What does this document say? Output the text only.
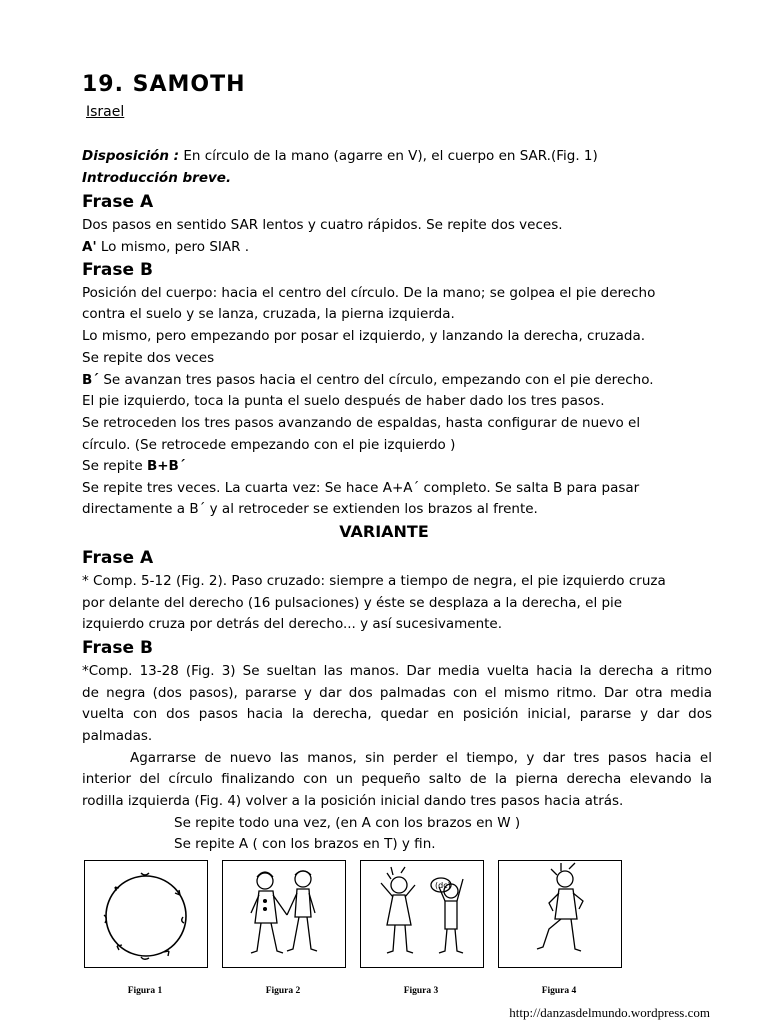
19. SAMOTH
Israel
Disposición : En círculo de la mano (agarre en V), el cuerpo en SAR.(Fig. 1)
Introducción breve.
Frase A
Dos pasos en sentido SAR lentos y cuatro rápidos. Se repite dos veces.
A' Lo mismo, pero SIAR .
Frase B
Posición del cuerpo: hacia el centro del círculo. De la mano; se golpea el pie derecho
contra el suelo y se lanza, cruzada, la pierna izquierda.
Lo mismo, pero empezando por posar el izquierdo, y lanzando la derecha, cruzada.
Se repite dos veces
B´ Se avanzan tres pasos hacia el centro del círculo, empezando con el pie derecho.
El pie izquierdo, toca la punta el suelo después de haber dado los tres pasos.
Se retroceden los tres pasos avanzando de espaldas, hasta configurar de nuevo el
círculo. (Se retrocede empezando con el pie izquierdo )
Se repite B+B´
Se repite tres veces. La cuarta vez: Se hace A+A´ completo. Se salta B para pasar
directamente a B´ y al retroceder se extienden los brazos al frente.
VARIANTE
Frase A
* Comp. 5-12 (Fig. 2). Paso cruzado: siempre a tiempo de negra, el pie izquierdo cruza
por delante del derecho (16 pulsaciones) y éste se desplaza a la derecha, el pie
izquierdo cruza por detrás del derecho... y así sucesivamente.
Frase B
*Comp. 13-28 (Fig. 3) Se sueltan las manos. Dar media vuelta hacia la derecha a ritmo
de negra (dos pasos), pararse y dar dos palmadas con el mismo ritmo. Dar otra media
vuelta con dos pasos hacia la derecha, quedar en posición inicial, pararse y dar dos
palmadas.
Agarrarse de nuevo las manos, sin perder el tiempo, y dar tres pasos hacia el
interior del círculo finalizando con un pequeño salto de la pierna derecha elevando la
rodilla izquierda (Fig. 4) volver a la posición inicial dando tres pasos hacia atrás.
Se repite todo una vez, (en A con los brazos en W )
Se repite A ( con los brazos en T) y fin.
Figura 1	Figura 2
(dc)
Figura 3	Figura 4
http://danzasdelmundo.wordpress.com
